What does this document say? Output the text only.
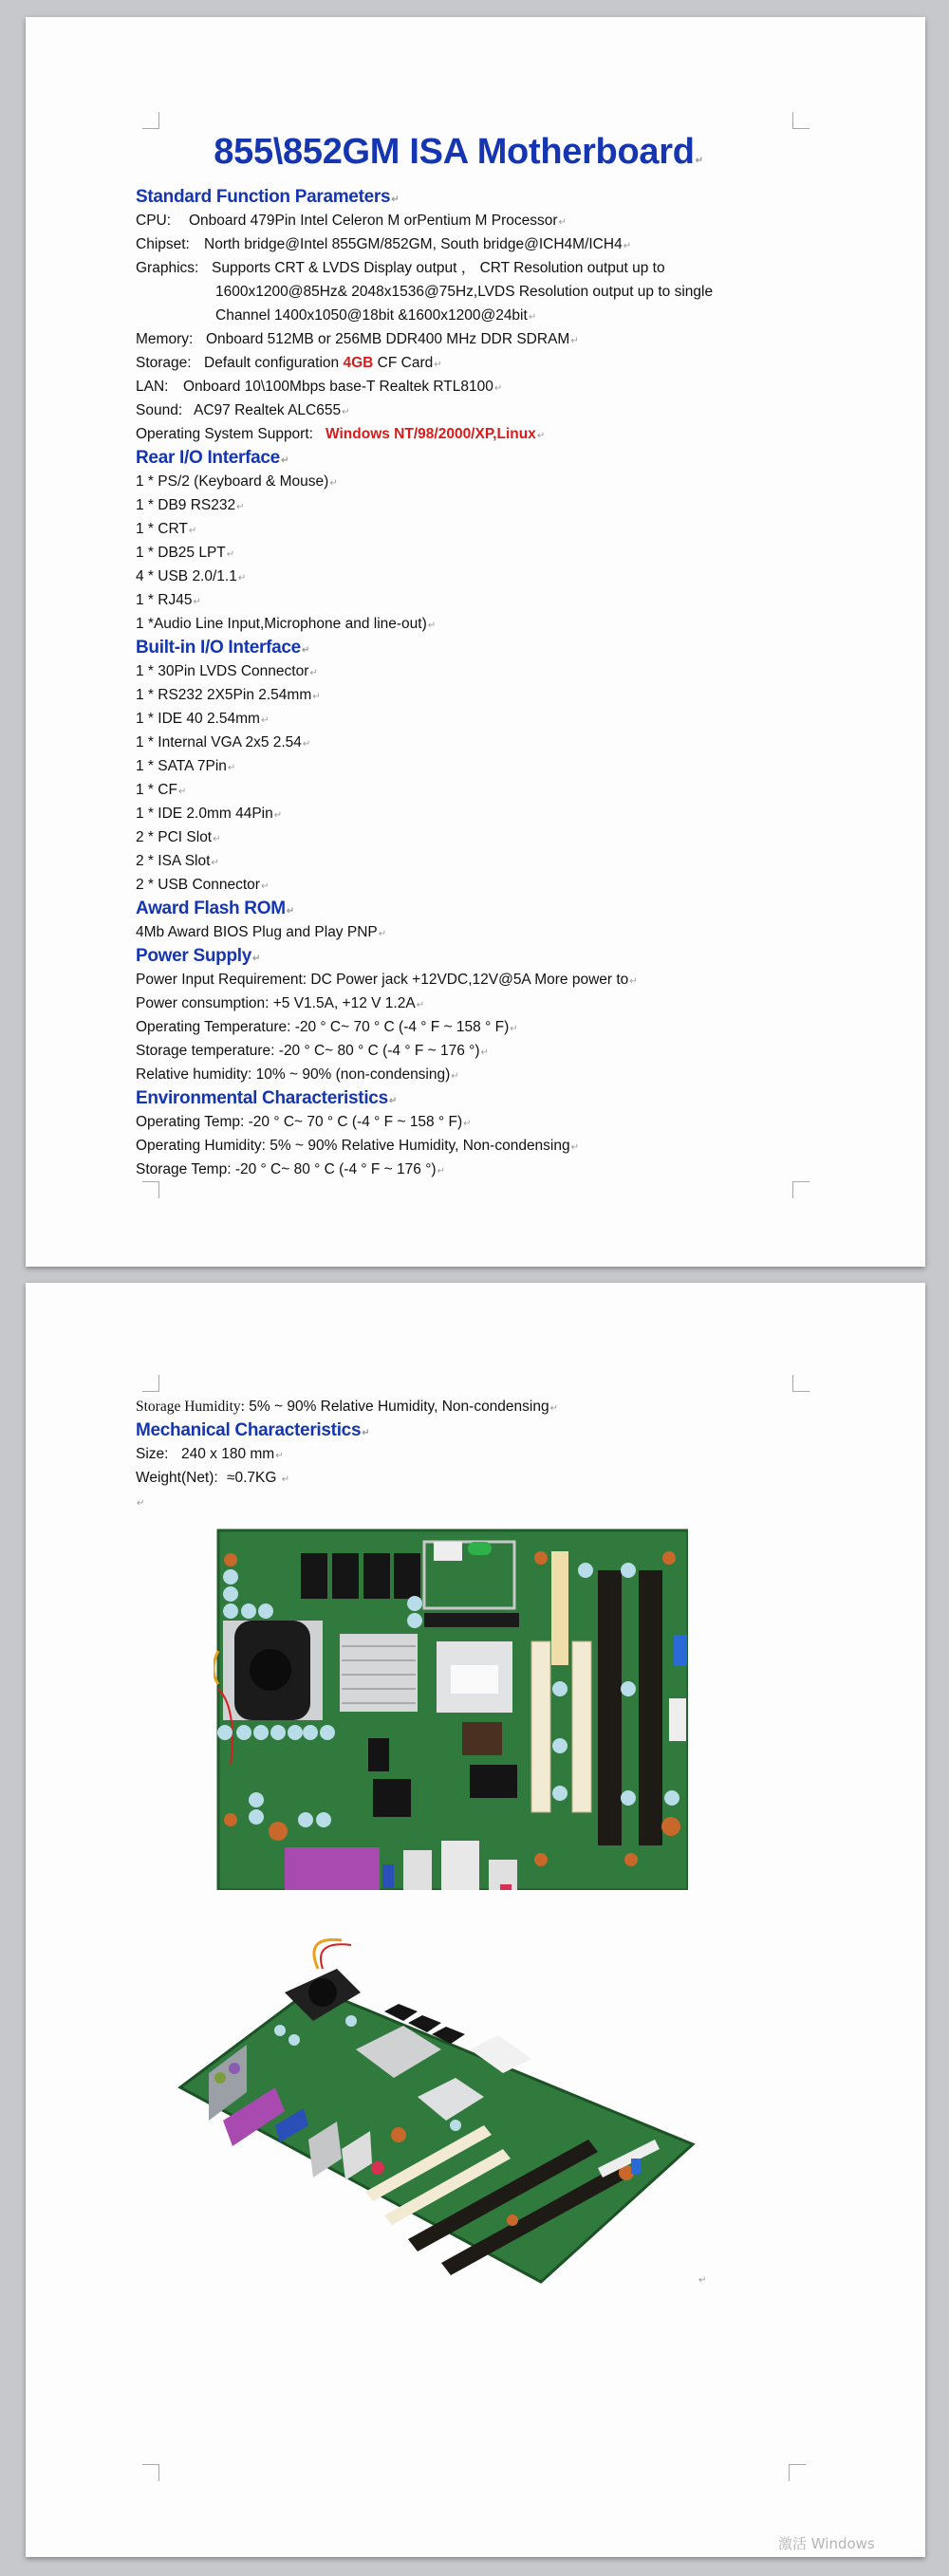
855\852GM ISA Motherboard↵
Standard Function Parameters↵
CPU: Onboard 479Pin Intel Celeron M orPentium M Processor↵
Chipset: North bridge@Intel 855GM/852GM, South bridge@ICH4M/ICH4↵
Graphics: Supports CRT & LVDS Display output ， CRT Resolution output up to
1600x1200@85Hz& 2048x1536@75Hz,LVDS Resolution output up to single
Channel 1400x1050@18bit &1600x1200@24bit↵
Memory: Onboard 512MB or 256MB DDR400 MHz DDR SDRAM↵
Storage: Default configuration 4GB CF Card↵
LAN: Onboard 10\100Mbps base-T Realtek RTL8100↵
Sound: AC97 Realtek ALC655↵
Operating System Support: Windows NT/98/2000/XP,Linux↵
Rear I/O Interface↵
1 * PS/2 (Keyboard & Mouse)↵
1 * DB9 RS232↵
1 * CRT↵
1 * DB25 LPT↵
4 * USB 2.0/1.1↵
1 * RJ45↵
1 *Audio Line Input,Microphone and line-out)↵
Built-in I/O Interface↵
1 * 30Pin LVDS Connector↵
1 * RS232 2X5Pin 2.54mm↵
1 * IDE 40 2.54mm↵
1 * Internal VGA 2x5 2.54↵
1 * SATA 7Pin↵
1 * CF↵
1 * IDE 2.0mm 44Pin↵
2 * PCI Slot↵
2 * ISA Slot↵
2 * USB Connector↵
Award Flash ROM↵
4Mb Award BIOS Plug and Play PNP↵
Power Supply↵
Power Input Requirement: DC Power jack +12VDC,12V@5A More power to↵
Power consumption: +5 V1.5A, +12 V 1.2A↵
Operating Temperature: -20 ° C~ 70 ° C (-4 ° F ~ 158 ° F)↵
Storage temperature: -20 ° C~ 80 ° C (-4 ° F ~ 176 °)↵
Relative humidity: 10% ~ 90% (non-condensing)↵
Environmental Characteristics↵
Operating Temp: -20 ° C~ 70 ° C (-4 ° F ~ 158 ° F)↵
Operating Humidity: 5% ~ 90% Relative Humidity, Non-condensing↵
Storage Temp: -20 ° C~ 80 ° C (-4 ° F ~ 176 °)↵
Storage Humidity: 5% ~ 90% Relative Humidity, Non-condensing↵
Mechanical Characteristics↵
Size: 240 x 180 mm↵
Weight(Net): ≈0.7KG ↵
↵
↵
激活 Windows
